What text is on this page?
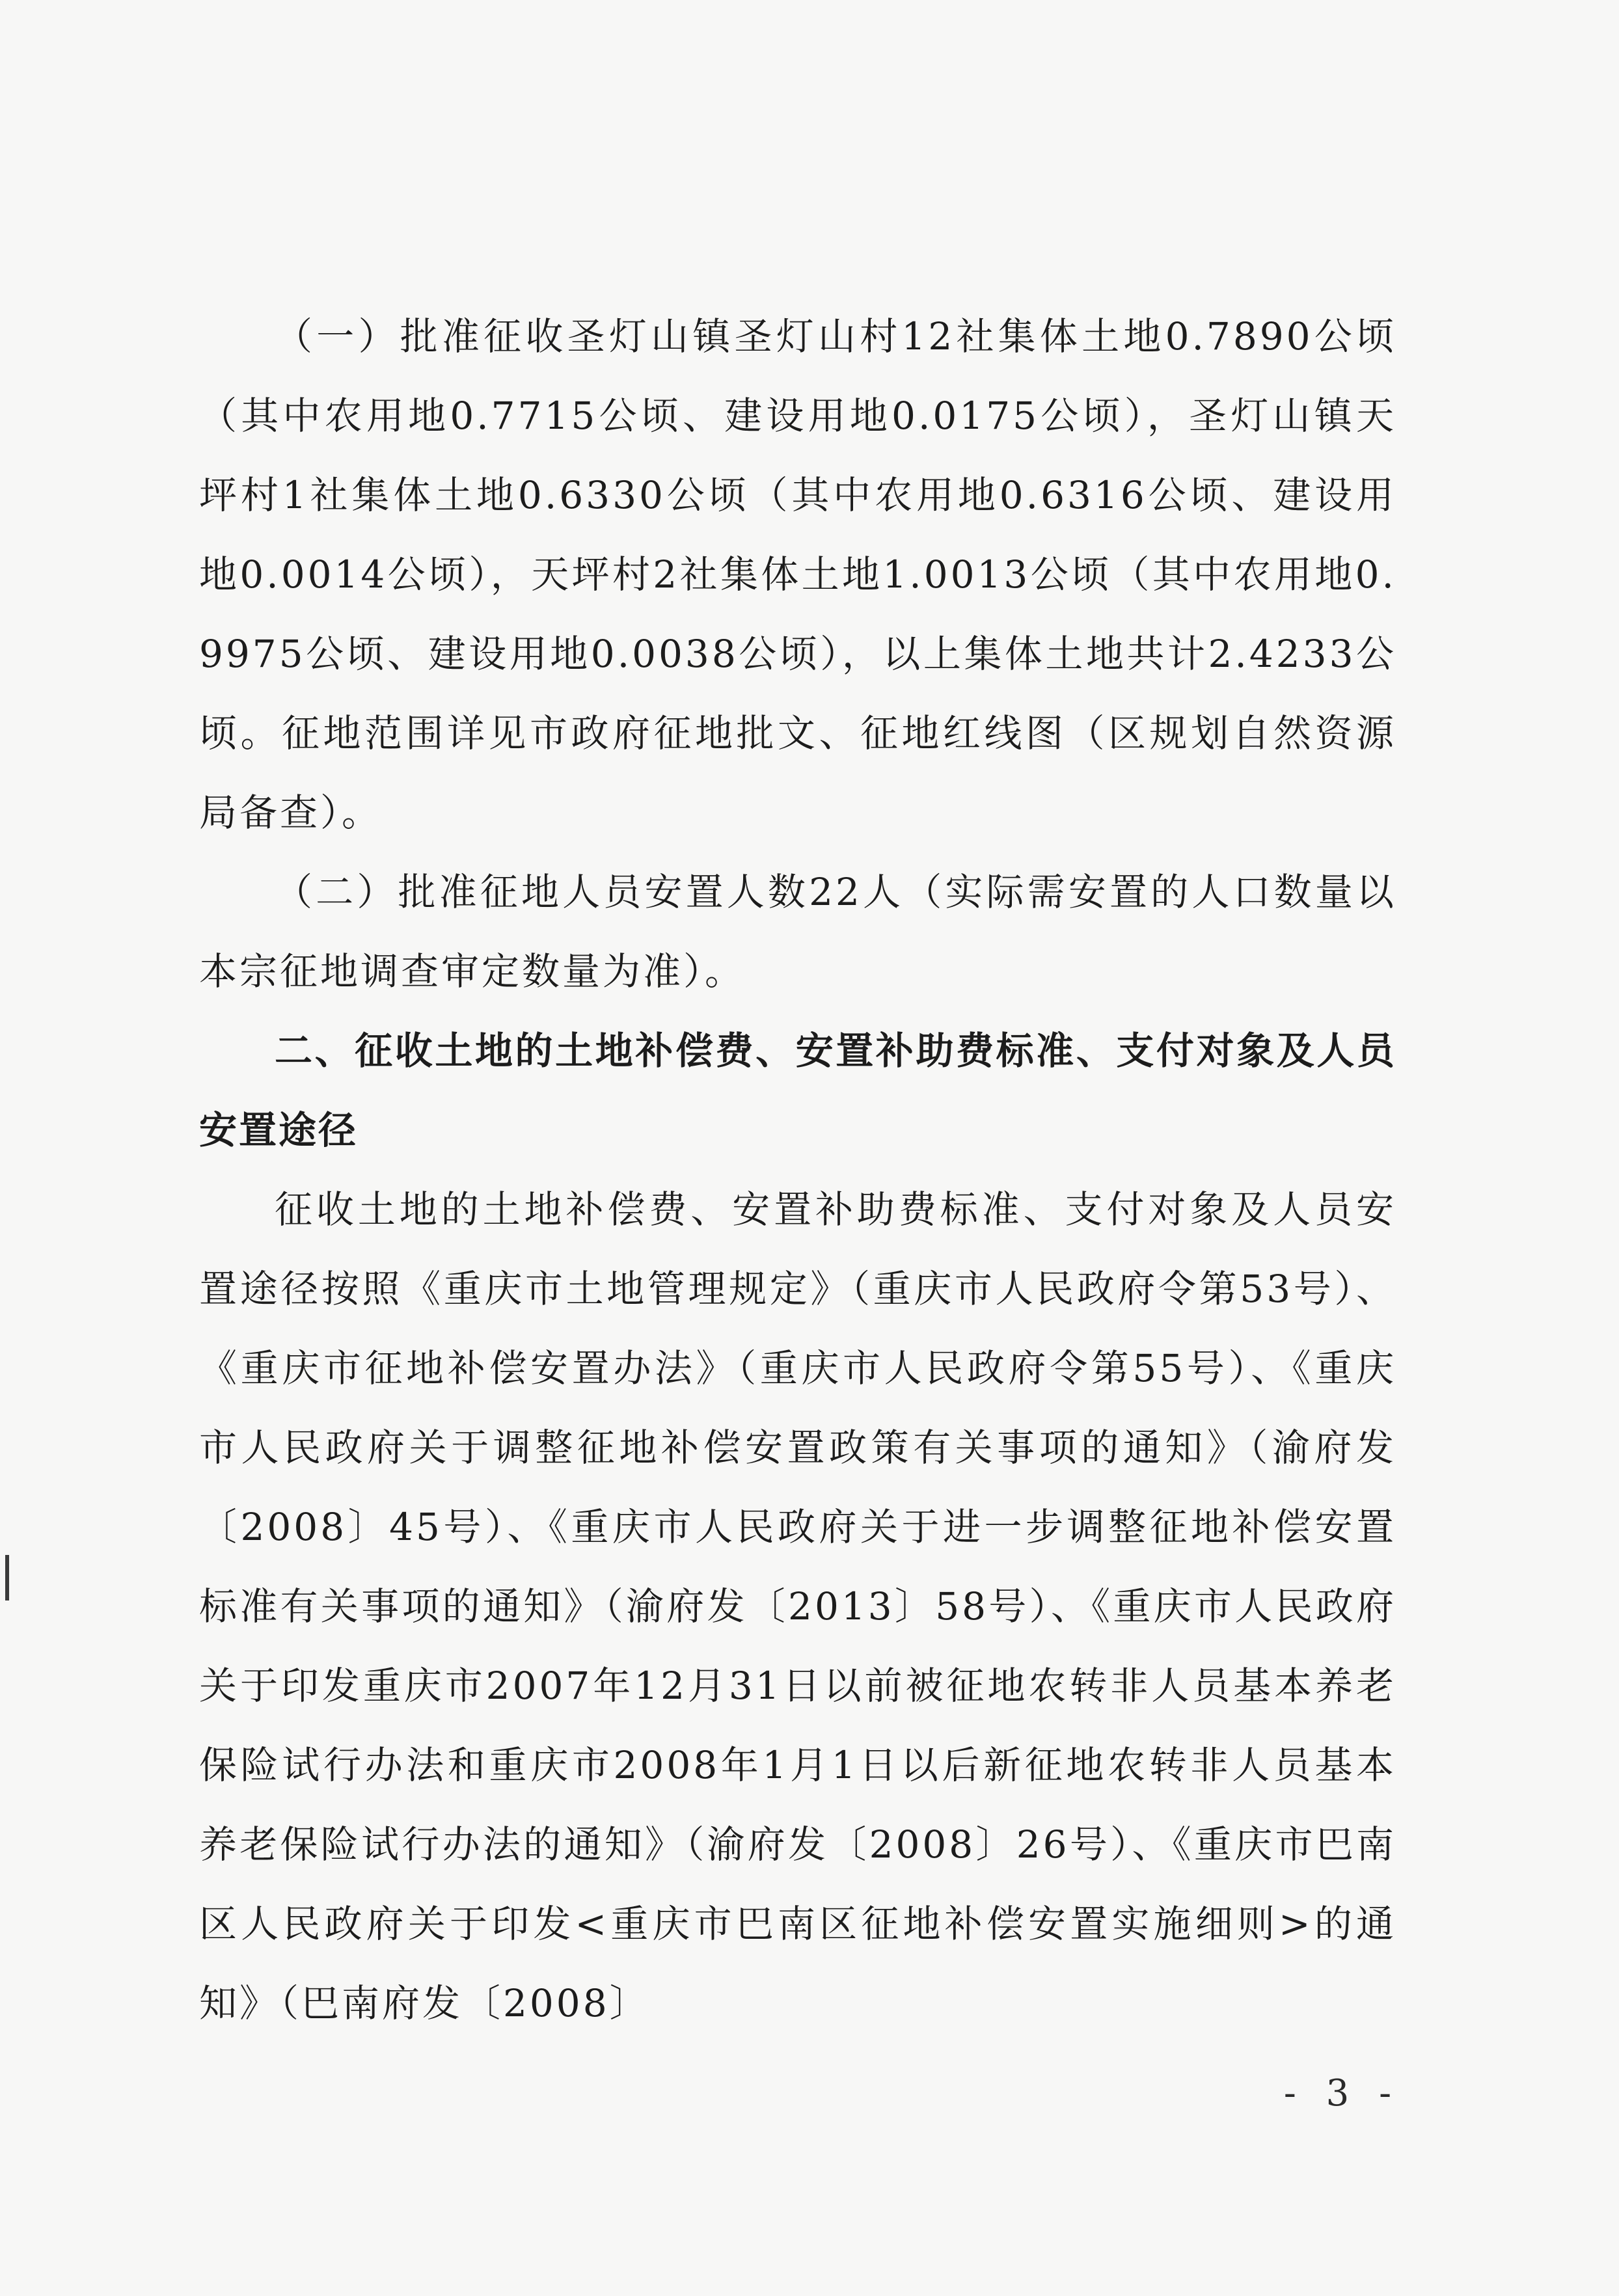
（一）批准征收圣灯山镇圣灯山村12社集体土地0.7890公顷（其中农用地0.7715公顷、建设用地0.0175公顷），圣灯山镇天坪村1社集体土地0.6330公顷（其中农用地0.6316公顷、建设用地0.0014公顷），天坪村2社集体土地1.0013公顷（其中农用地0.9975公顷、建设用地0.0038公顷），以上集体土地共计2.4233公顷。征地范围详见市政府征地批文、征地红线图（区规划自然资源局备查）。

（二）批准征地人员安置人数22人（实际需安置的人口数量以本宗征地调查审定数量为准）。

二、征收土地的土地补偿费、安置补助费标准、支付对象及人员安置途径

征收土地的土地补偿费、安置补助费标准、支付对象及人员安置途径按照《重庆市土地管理规定》（重庆市人民政府令第53号）、《重庆市征地补偿安置办法》（重庆市人民政府令第55号）、《重庆市人民政府关于调整征地补偿安置政策有关事项的通知》（渝府发〔2008〕45号）、《重庆市人民政府关于进一步调整征地补偿安置标准有关事项的通知》（渝府发〔2013〕58号）、《重庆市人民政府关于印发重庆市2007年12月31日以前被征地农转非人员基本养老保险试行办法和重庆市2008年1月1日以后新征地农转非人员基本养老保险试行办法的通知》（渝府发〔2008〕26号）、《重庆市巴南区人民政府关于印发<重庆市巴南区征地补偿安置实施细则>的通知》（巴南府发〔2008〕

- 3 -
